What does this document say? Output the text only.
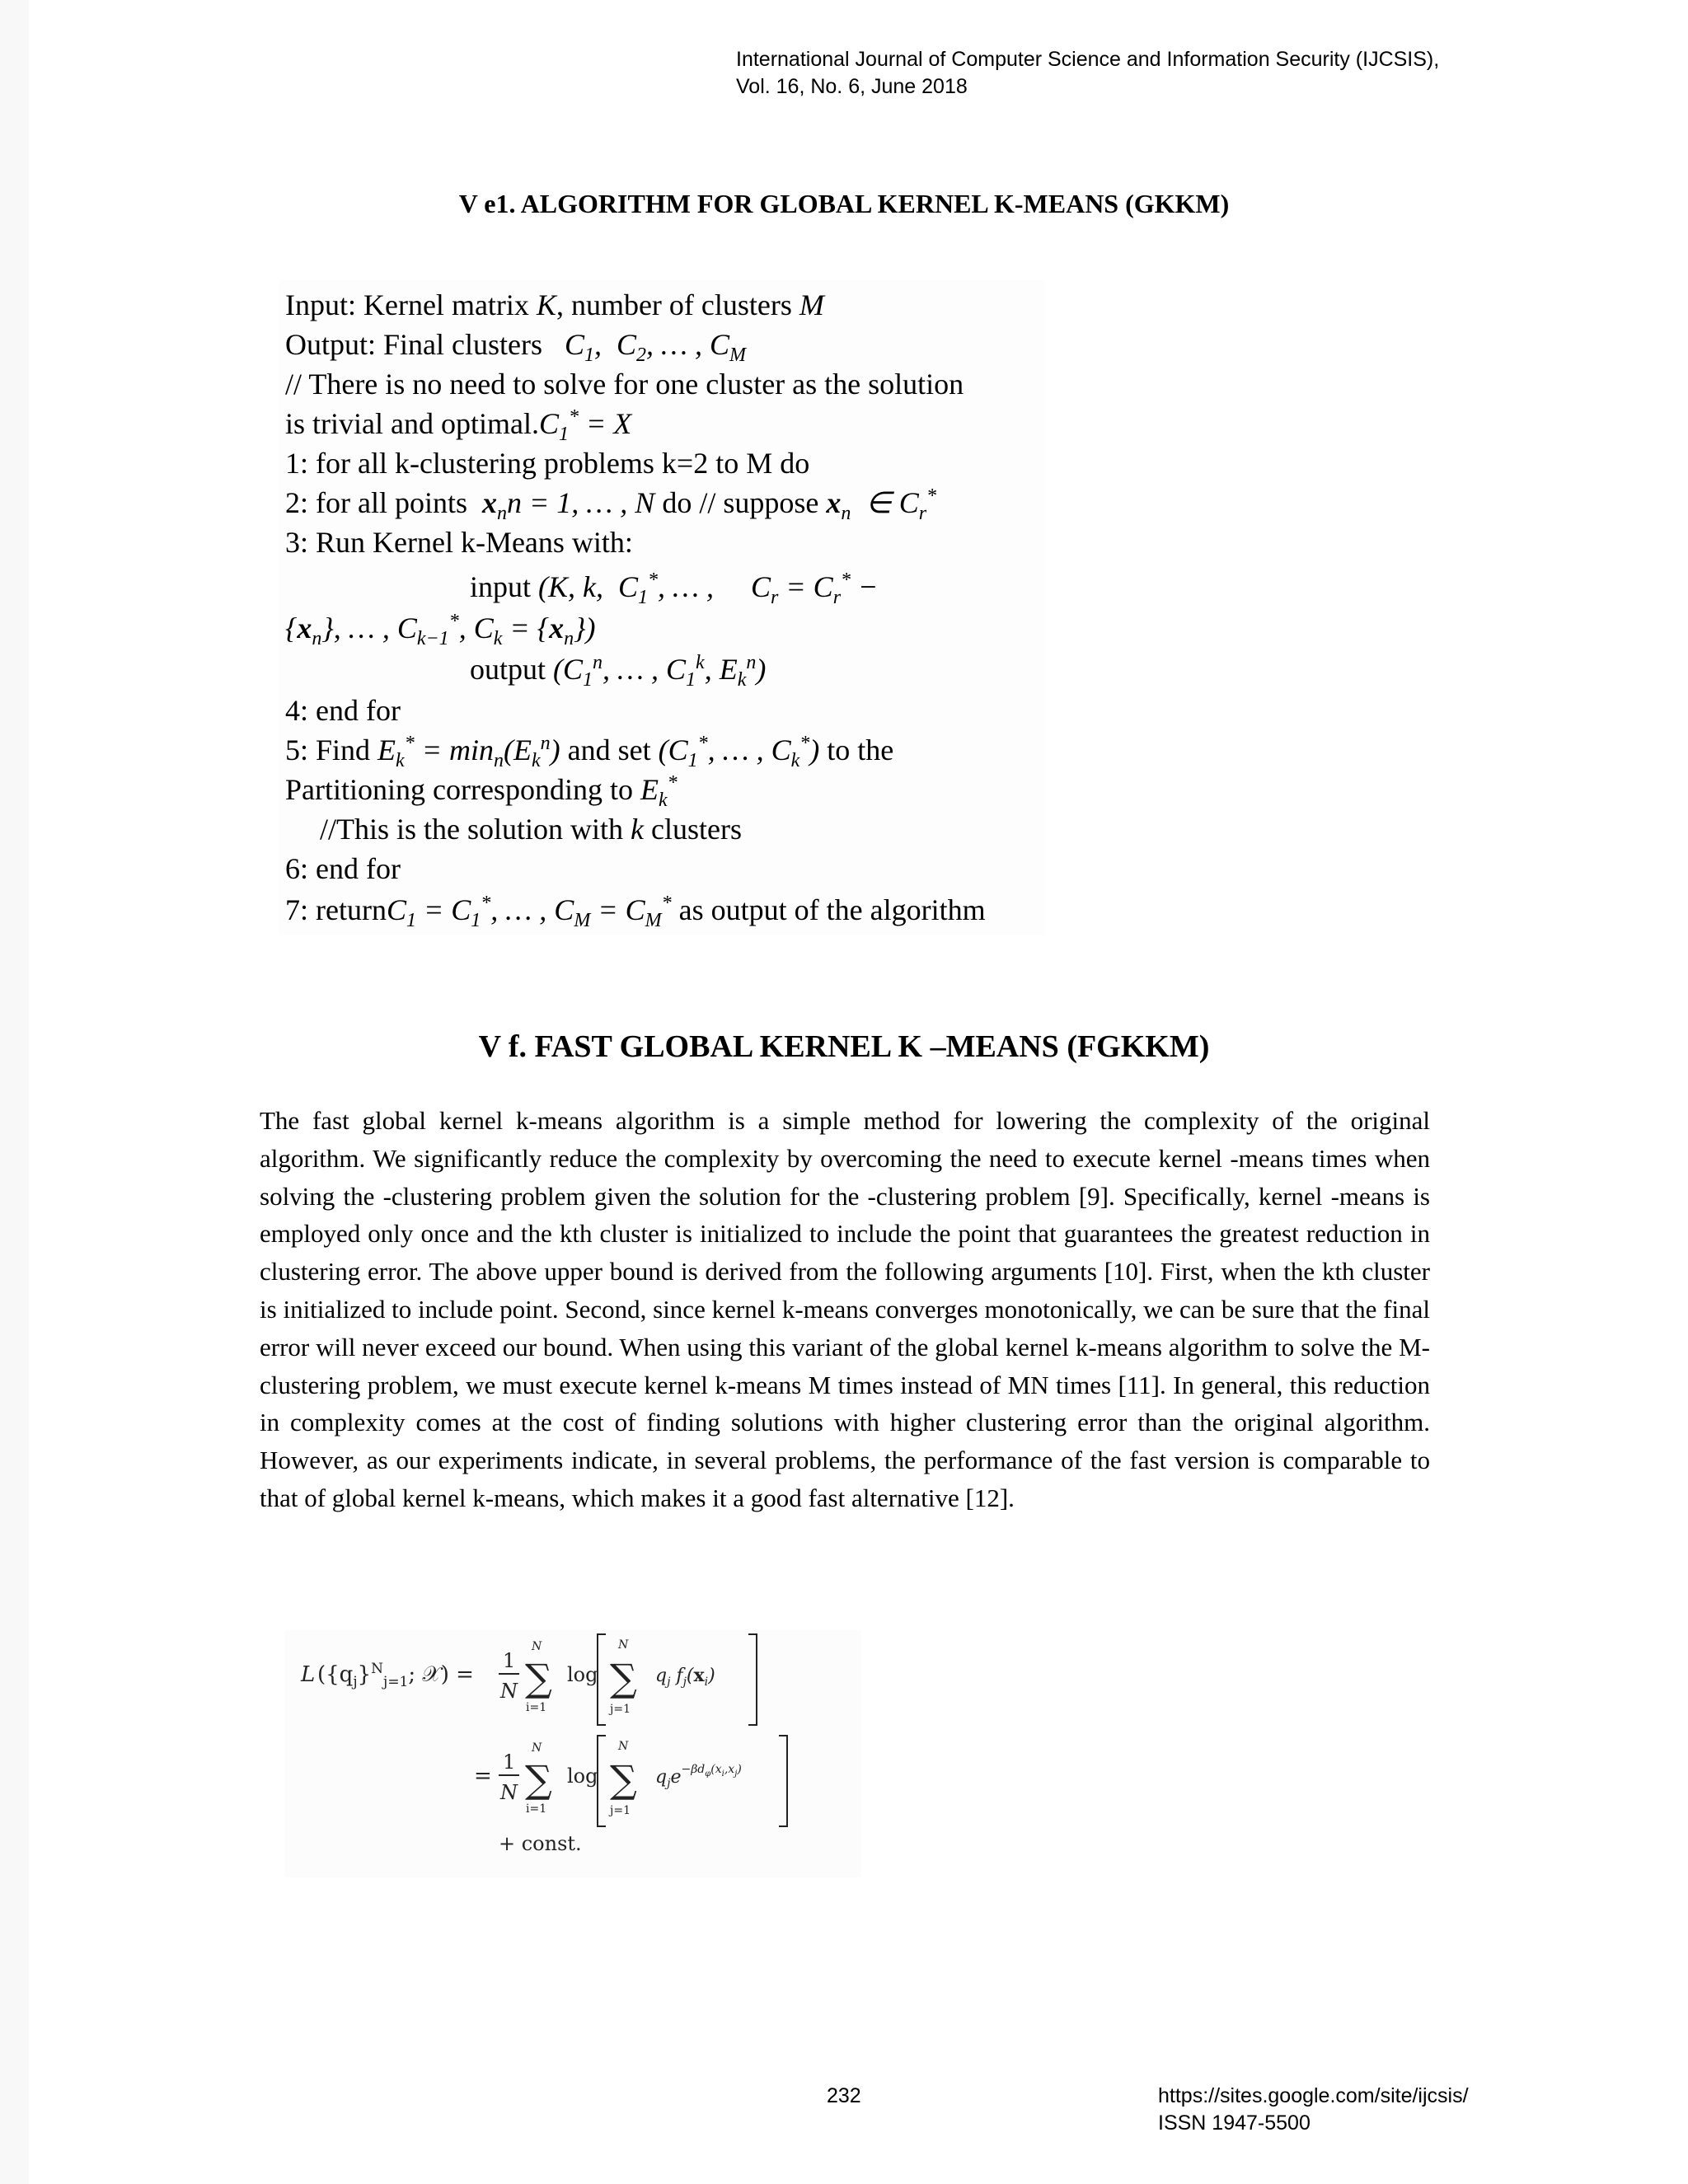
International Journal of Computer Science and Information Security (IJCSIS),
Vol. 16, No. 6, June 2018
V e1. ALGORITHM FOR GLOBAL KERNEL K-MEANS (GKKM)
Input: Kernel matrix K, number of clusters M
Output: Final clusters $C_1$,  $C_2$, … , $C_M$
// There is no need to solve for one cluster as the solution
is trivial and $optimal.C_1^* = X$
1: for all k-clustering problems k=2 to M do
2: for all points $x_nn = 1$, … , N do // suppose $x_n$  ∈ $C_r^*$
3: Run Kernel k-Means with:
input (K, k,  $C_1^*$, … ,     $C_r = C_r^*$ −
$\{x_n\}$, … , $C_{k-1}^*$, $C_k = \{x_n\}$)
output ($C_1^n$, … , $C_1^k$, $E_k^n$)
4: end for
5: Find $E_k^* = \min_n(E_k^n)$ and set ($C_1^*$, … , $C_k^*$) to the
Partitioning corresponding to $E_k^*$
//This is the solution with k clusters
6: end for
7: returnC$_1$ = $C_1^*$, … , $C_M = C_M^*$ as output of the algorithm
V f. FAST GLOBAL KERNEL K –MEANS (FGKKM)
The fast global kernel k-means algorithm is a simple method for lowering the complexity of the original algorithm. We significantly reduce the complexity by overcoming the need to execute kernel -means times when solving the -clustering problem given the solution for the -clustering problem [9]. Specifically, kernel -means is employed only once and the kth cluster is initialized to include the point that guarantees the greatest reduction in clustering error. The above upper bound is derived from the following arguments [10]. First, when the kth cluster is initialized to include point. Second, since kernel k-means converges monotonically, we can be sure that the final error will never exceed our bound. When using this variant of the global kernel k-means algorithm to solve the M-clustering problem, we must execute kernel k-means M times instead of MN times [11]. In general, this reduction in complexity comes at the cost of finding solutions with higher clustering error than the original algorithm. However, as our experiments indicate, in several problems, the performance of the fast version is comparable to that of global kernel k-means, which makes it a good fast alternative [12].
L ($\{q_j\}^N_{j=1}$; 𝒳) =
1
N
N
∑
i=1
log
N
∑
j=1
$q_j$ $f_j(x_i)$
=
1
N
N
∑
i=1
log
N
∑
j=1
$q_je^{-\beta d}\varphi(xi,xj)$
+ const.
232	https://sites.google.com/site/ijcsis/
ISSN 1947-5500
